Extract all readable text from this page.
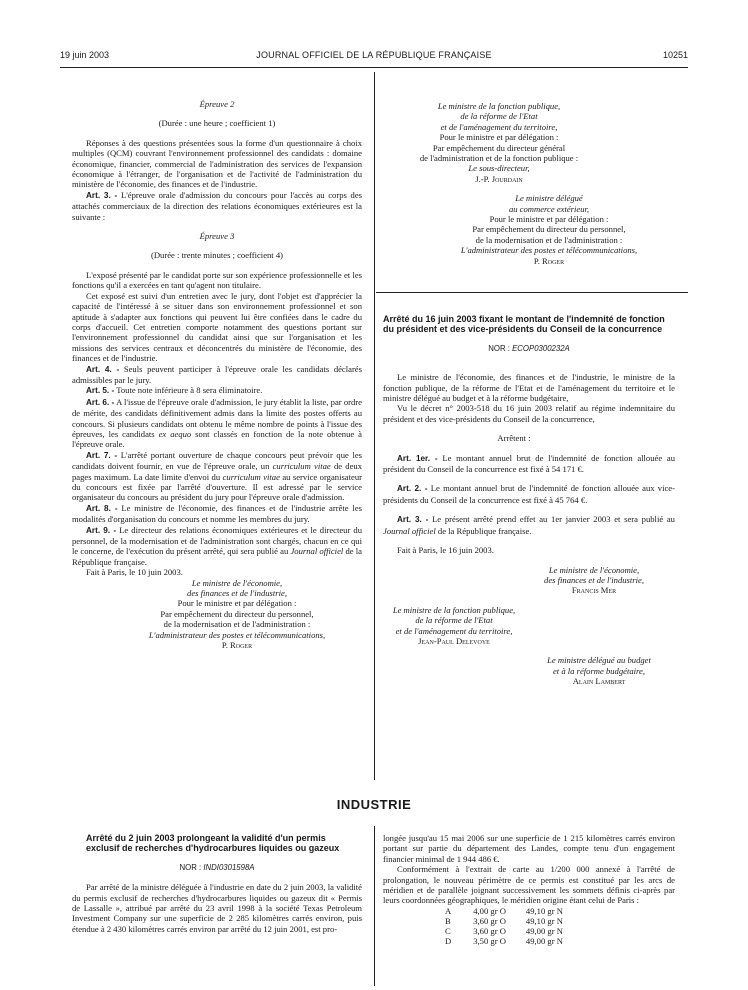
19 juin 2003	JOURNAL OFFICIEL DE LA RÉPUBLIQUE FRANÇAISE	10251

Épreuve 2

(Durée : une heure ; coefficient 1)

Réponses à des questions présentées sous la forme d'un questionnaire à choix multiples (QCM) couvrant l'environnement professionnel des candidats : domaine économique, financier, commercial de l'administration des services de l'expansion économique à l'étranger, de l'organisation et de l'activité de l'administration du ministère de l'économie, des finances et de l'industrie.

Art. 3. - L'épreuve orale d'admission du concours pour l'accès au corps des attachés commerciaux de la direction des relations économiques extérieures est la suivante :

Épreuve 3

(Durée : trente minutes ; coefficient 4)

L'exposé présenté par le candidat porte sur son expérience professionnelle et les fonctions qu'il a exercées en tant qu'agent non titulaire.

Cet exposé est suivi d'un entretien avec le jury, dont l'objet est d'apprécier la capacité de l'intéressé à se situer dans son environnement professionnel et son aptitude à s'adapter aux fonctions qui peuvent lui être confiées dans le cadre du corps d'accueil. Cet entretien comporte notamment des questions portant sur l'environnement professionnel du candidat ainsi que sur l'organisation et les missions des services centraux et déconcentrés du ministère de l'économie, des finances et de l'industrie.

Art. 4. - Seuls peuvent participer à l'épreuve orale les candidats déclarés admissibles par le jury.

Art. 5. - Toute note inférieure à 8 sera éliminatoire.

Art. 6. - A l'issue de l'épreuve orale d'admission, le jury établit la liste, par ordre de mérite, des candidats définitivement admis dans la limite des postes offerts au concours. Si plusieurs candidats ont obtenu le même nombre de points à l'issue des épreuves, les candidats ex aequo sont classés en fonction de la note obtenue à l'épreuve orale.

Art. 7. - L'arrêté portant ouverture de chaque concours peut prévoir que les candidats doivent fournir, en vue de l'épreuve orale, un curriculum vitae de deux pages maximum. La date limite d'envoi du curriculum vitae au service organisateur du concours est fixée par l'arrêté d'ouverture. Il est adressé par le service organisateur du concours au président du jury pour l'épreuve orale d'admission.

Art. 8. - Le ministre de l'économie, des finances et de l'industrie arrête les modalités d'organisation du concours et nomme les membres du jury.

Art. 9. - Le directeur des relations économiques extérieures et le directeur du personnel, de la modernisation et de l'administration sont chargés, chacun en ce qui le concerne, de l'exécution du présent arrêté, qui sera publié au Journal officiel de la République française.

Fait à Paris, le 10 juin 2003.

Le ministre de l'économie,
des finances et de l'industrie,
Pour le ministre et par délégation :
Par empêchement du directeur du personnel,
de la modernisation et de l'administration :
L'administrateur des postes et télécommunications,
P. Roger
Le ministre de la fonction publique,
de la réforme de l'Etat
et de l'aménagement du territoire,
Pour le ministre et par délégation :
Par empêchement du directeur général
de l'administration et de la fonction publique :
Le sous-directeur,
J.-P. Jourdain
Le ministre délégué
au commerce extérieur,
Pour le ministre et par délégation :
Par empêchement du directeur du personnel,
de la modernisation et de l'administration :
L'administrateur des postes et télécommunications,
P. Roger

Arrêté du 16 juin 2003 fixant le montant de l'indemnité de fonction du président et des vice-présidents du Conseil de la concurrence

NOR : ECOP0300232A

Le ministre de l'économie, des finances et de l'industrie, le ministre de la fonction publique, de la réforme de l'Etat et de l'aménagement du territoire et le ministre délégué au budget et à la réforme budgétaire,

Vu le décret n° 2003-518 du 16 juin 2003 relatif au régime indemnitaire du président et des vice-présidents du Conseil de la concurrence,

Arrêtent :

Art. 1er. - Le montant annuel brut de l'indemnité de fonction allouée au président du Conseil de la concurrence est fixé à 54 171 €.

Art. 2. - Le montant annuel brut de l'indemnité de fonction allouée aux vice-présidents du Conseil de la concurrence est fixé à 45 764 €.

Art. 3. - Le présent arrêté prend effet au 1er janvier 2003 et sera publié au Journal officiel de la République française.

Fait à Paris, le 16 juin 2003.

Le ministre de l'économie,
des finances et de l'industrie,
Francis Mer
Le ministre de la fonction publique,
de la réforme de l'Etat
et de l'aménagement du territoire,
Jean-Paul Delevoye
Le ministre délégué au budget
et à la réforme budgétaire,
Alain Lambert
INDUSTRIE

Arrêté du 2 juin 2003 prolongeant la validité d'un permis exclusif de recherches d'hydrocarbures liquides ou gazeux

NOR : INDI0301598A

Par arrêté de la ministre déléguée à l'industrie en date du 2 juin 2003, la validité du permis exclusif de recherches d'hydrocarbures liquides ou gazeux dit « Permis de Lassalle », attribué par arrêté du 23 avril 1998 à la société Texas Petroleum Investment Company sur une superficie de 2 285 kilomètres carrés environ, puis étendue à 2 430 kilomètres carrés environ par arrêté du 12 juin 2001, est pro-

longée jusqu'au 15 mai 2006 sur une superficie de 1 215 kilomètres carrés environ portant sur partie du département des Landes, compte tenu d'un engagement financier minimal de 1 944 486 €.

Conformément à l'extrait de carte au 1/200 000 annexé à l'arrêté de prolongation, le nouveau périmètre de ce permis est constitué par les arcs de méridien et de parallèle joignant successivement les sommets définis ci-après par leurs coordonnées géographiques, le méridien origine étant celui de Paris :

A	4,00 gr O	49,10 gr N
B	3,60 gr O	49,10 gr N
C	3,60 gr O	49,00 gr N
D	3,50 gr O	49,00 gr N
